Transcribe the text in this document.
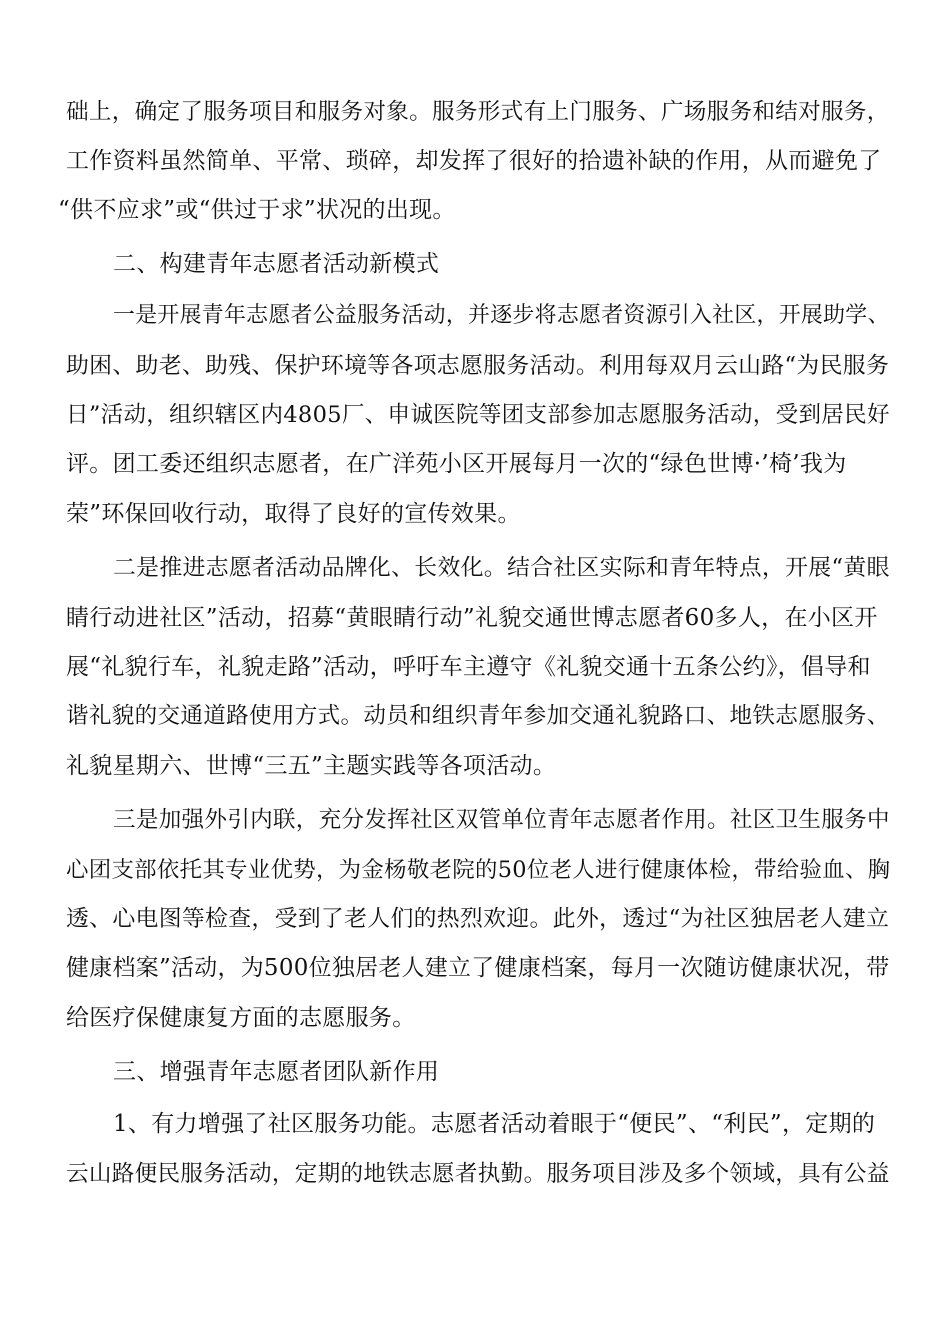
础上，确定了服务项目和服务对象。服务形式有上门服务、广场服务和结对服务，
工作资料虽然简单、平常、琐碎，却发挥了很好的拾遗补缺的作用，从而避免了
“供不应求”或“供过于求”状况的出现。
二、构建青年志愿者活动新模式
一是开展青年志愿者公益服务活动，并逐步将志愿者资源引入社区，开展助学、
助困、助老、助残、保护环境等各项志愿服务活动。利用每双月云山路“为民服务
日”活动，组织辖区内4805厂、申诚医院等团支部参加志愿服务活动，受到居民好
评。团工委还组织志愿者，在广洋苑小区开展每月一次的“绿色世博·’椅’我为
荣”环保回收行动，取得了良好的宣传效果。
二是推进志愿者活动品牌化、长效化。结合社区实际和青年特点，开展“黄眼
睛行动进社区”活动，招募“黄眼睛行动”礼貌交通世博志愿者60多人，在小区开
展“礼貌行车，礼貌走路”活动，呼吁车主遵守《礼貌交通十五条公约》，倡导和
谐礼貌的交通道路使用方式。动员和组织青年参加交通礼貌路口、地铁志愿服务、
礼貌星期六、世博“三五”主题实践等各项活动。
三是加强外引内联，充分发挥社区双管单位青年志愿者作用。社区卫生服务中
心团支部依托其专业优势，为金杨敬老院的50位老人进行健康体检，带给验血、胸
透、心电图等检查，受到了老人们的热烈欢迎。此外，透过“为社区独居老人建立
健康档案”活动，为500位独居老人建立了健康档案，每月一次随访健康状况，带
给医疗保健康复方面的志愿服务。
三、增强青年志愿者团队新作用
1、有力增强了社区服务功能。志愿者活动着眼于“便民”、“利民”，定期的
云山路便民服务活动，定期的地铁志愿者执勤。服务项目涉及多个领域，具有公益
